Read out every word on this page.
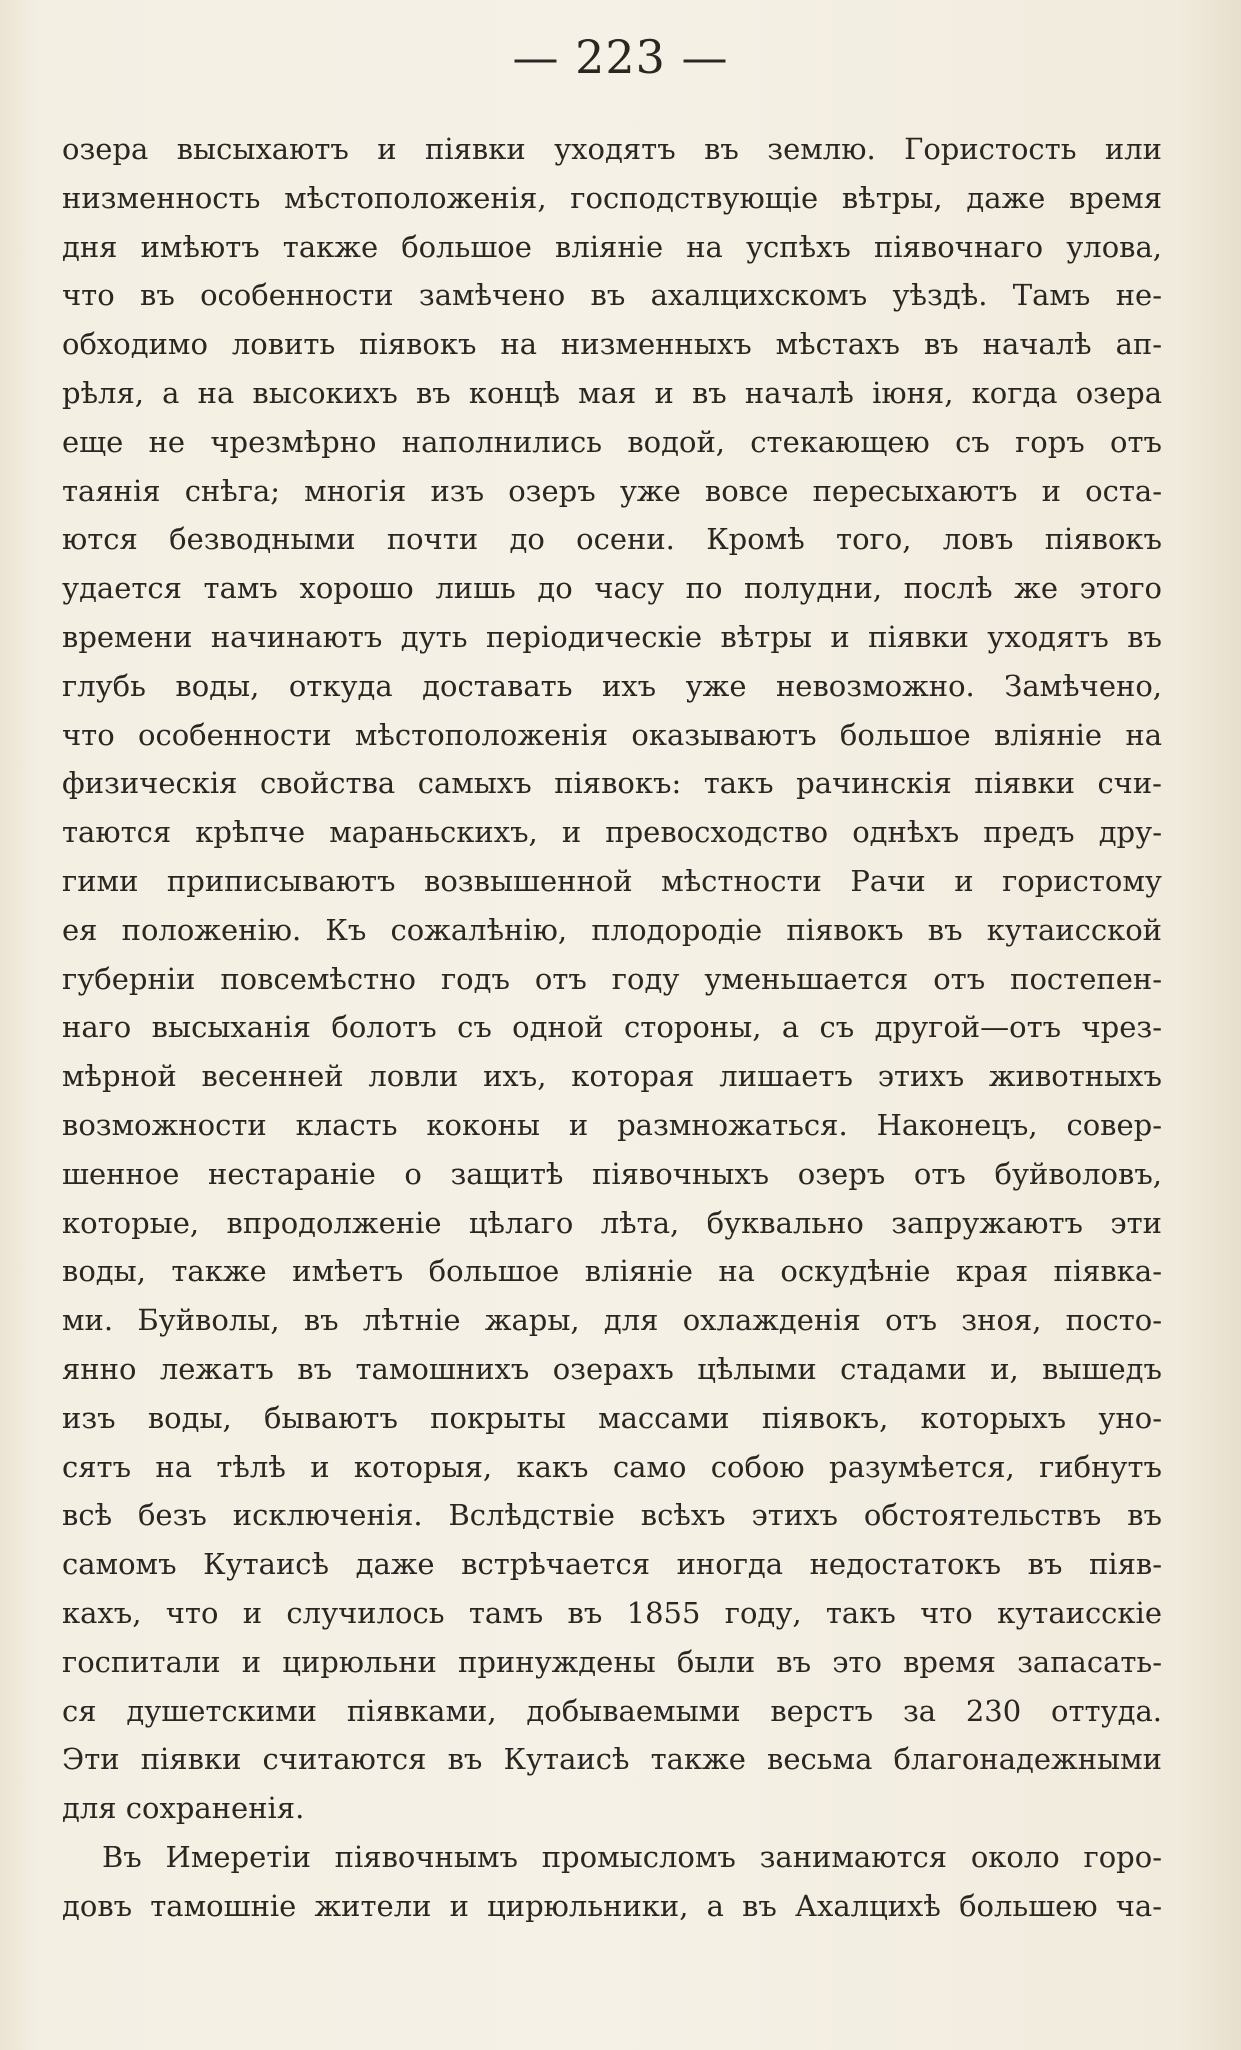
— 223 —
озера высыхаютъ и піявки уходятъ въ землю. Гористость или
низменность мѣстоположенія, господствующіе вѣтры, даже время
дня имѣютъ также большое вліяніе на успѣхъ піявочнаго улова,
что въ особенности замѣчено въ ахалцихскомъ уѣздѣ. Тамъ не-
обходимо ловить піявокъ на низменныхъ мѣстахъ въ началѣ ап-
рѣля, а на высокихъ въ концѣ мая и въ началѣ іюня, когда озера
еще не чрезмѣрно наполнились водой, стекающею съ горъ отъ
таянія снѣга; многія изъ озеръ уже вовсе пересыхаютъ и оста-
ются безводными почти до осени. Кромѣ того, ловъ піявокъ
удается тамъ хорошо лишь до часу по полудни, послѣ же этого
времени начинаютъ дуть періодическіе вѣтры и піявки уходятъ въ
глубь воды, откуда доставать ихъ уже невозможно. Замѣчено,
что особенности мѣстоположенія оказываютъ большое вліяніе на
физическія свойства самыхъ піявокъ: такъ рачинскія піявки счи-
таются крѣпче мараньскихъ, и превосходство однѣхъ предъ дру-
гими приписываютъ возвышенной мѣстности Рачи и гористому
ея положенію. Къ сожалѣнію, плодородіе піявокъ въ кутаисской
губерніи повсемѣстно годъ отъ году уменьшается отъ постепен-
наго высыханія болотъ съ одной стороны, а съ другой—отъ чрез-
мѣрной весенней ловли ихъ, которая лишаетъ этихъ животныхъ
возможности класть коконы и размножаться. Наконецъ, совер-
шенное нестараніе о защитѣ піявочныхъ озеръ отъ буйволовъ,
которые, впродолженіе цѣлаго лѣта, буквально запружаютъ эти
воды, также имѣетъ большое вліяніе на оскудѣніе края піявка-
ми. Буйволы, въ лѣтніе жары, для охлажденія отъ зноя, посто-
янно лежатъ въ тамошнихъ озерахъ цѣлыми стадами и, вышедъ
изъ воды, бываютъ покрыты массами піявокъ, которыхъ уно-
сятъ на тѣлѣ и которыя, какъ само собою разумѣется, гибнутъ
всѣ безъ исключенія. Вслѣдствіе всѣхъ этихъ обстоятельствъ въ
самомъ Кутаисѣ даже встрѣчается иногда недостатокъ въ піяв-
кахъ, что и случилось тамъ въ 1855 году, такъ что кутаисскіе
госпитали и цирюльни принуждены были въ это время запасать-
ся душетскими піявками, добываемыми верстъ за 230 оттуда.
Эти піявки считаются въ Кутаисѣ также весьма благонадежными
для сохраненія.
Въ Имеретіи піявочнымъ промысломъ занимаются около горо-
довъ тамошніе жители и цирюльники, а въ Ахалцихѣ большею ча-
